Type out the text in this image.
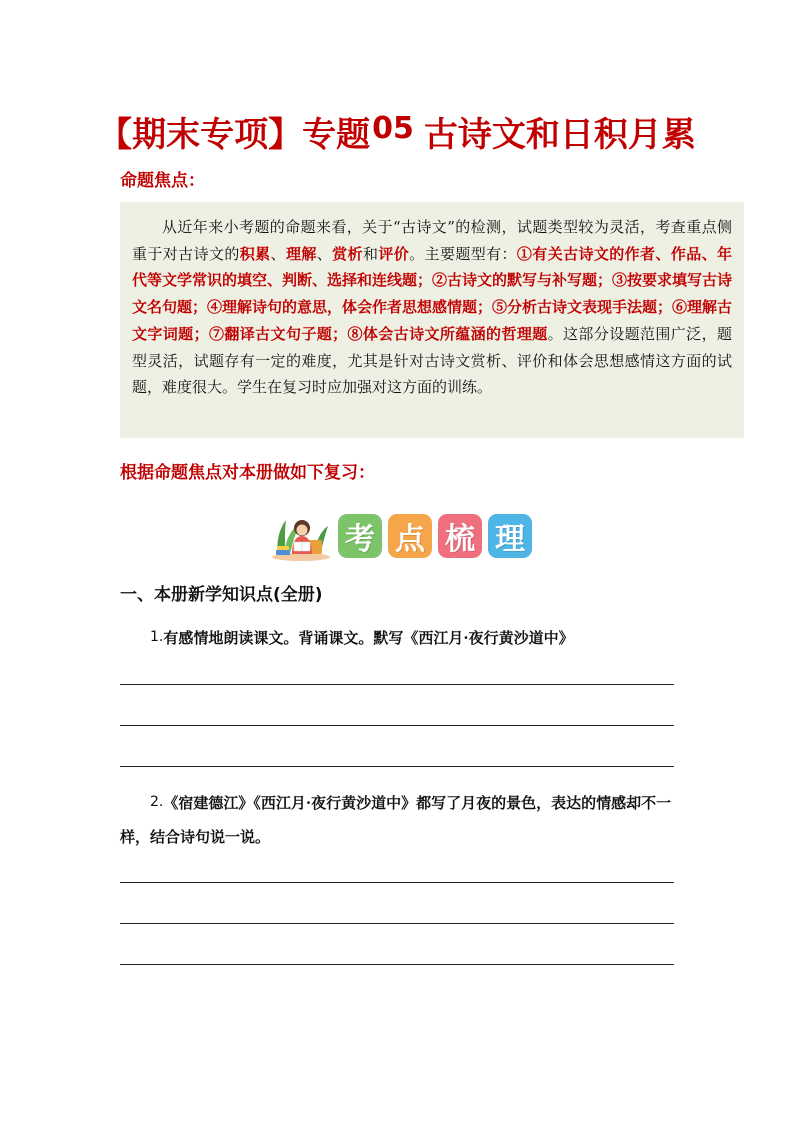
【期末专项】专题05 古诗文和日积月累
命题焦点：

从近年来小考题的命题来看，关于“古诗文”的检测，试题类型较为灵活，考查重点侧重于对古诗文的积累、理解、赏析和评价。主要题型有：①有关古诗文的作者、作品、年代等文学常识的填空、判断、选择和连线题；②古诗文的默写与补写题；③按要求填写古诗文名句题；④理解诗句的意思，体会作者思想感情题；⑤分析古诗文表现手法题；⑥理解古文字词题；⑦翻译古文句子题；⑧体会古诗文所蕴涵的哲理题。这部分设题范围广泛，题型灵活，试题存有一定的难度，尤其是针对古诗文赏析、评价和体会思想感情这方面的试题，难度很大。学生在复习时应加强对这方面的训练。

根据命题焦点对本册做如下复习：
考 点 梳 理
一、本册新学知识点(全册)
1.有感情地朗读课文。背诵课文。默写《西江月·夜行黄沙道中》
2.《宿建德江》《西江月·夜行黄沙道中》都写了月夜的景色，表达的情感却不一样，结合诗句说一说。
